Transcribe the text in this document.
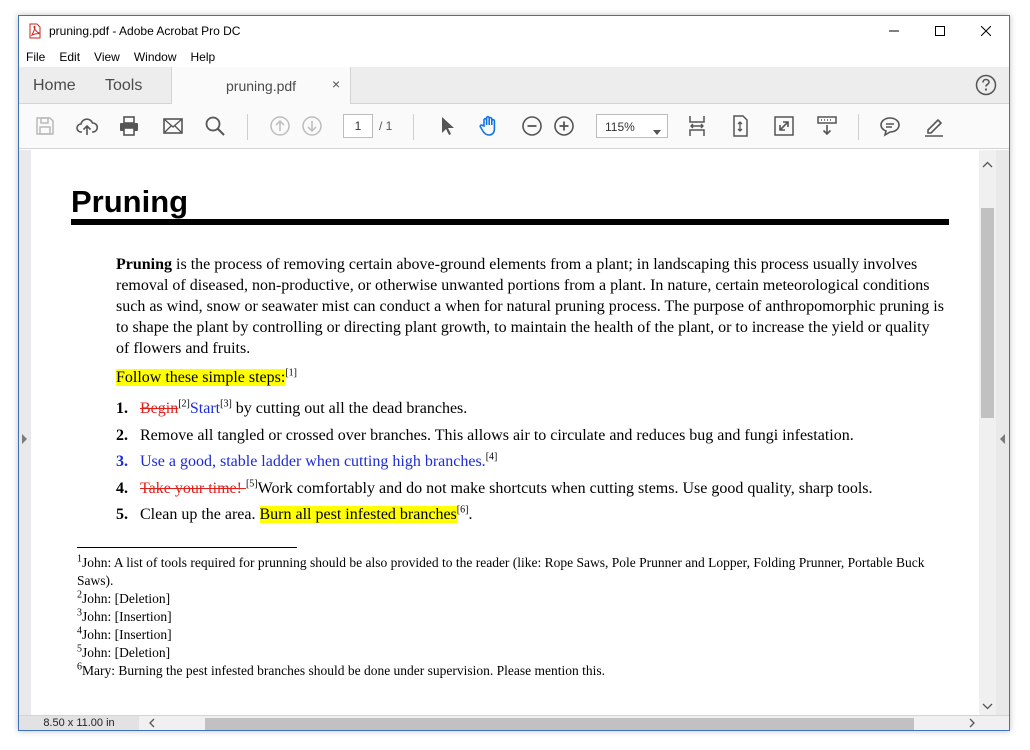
pruning.pdf - Adobe Acrobat Pro DC
File Edit View Window Help
Home Tools	pruning.pdf	×
1	/ 1	115%
Pruning

Pruning is the process of removing certain above-ground elements from a plant; in landscaping this process usually involves removal of diseased, non-productive, or otherwise unwanted portions from a plant. In nature, certain meteorological conditions such as wind, snow or seawater mist can conduct a when for natural pruning process. The purpose of anthropomorphic pruning is to shape the plant by controlling or directing plant growth, to maintain the health of the plant, or to increase the yield or quality of flowers and fruits.

Follow these simple steps:[1]

1. Begin[2]Start[3] by cutting out all the dead branches.
2. Remove all tangled or crossed over branches. This allows air to circulate and reduces bug and fungi infestation.
3. Use a good, stable ladder when cutting high branches.[4]
4. Take your time! [5]Work comfortably and do not make shortcuts when cutting stems. Use good quality, sharp tools.
5. Clean up the area. Burn all pest infested branches[6].
$^1$John: A list of tools required for prunning should be also provided to the reader (like: Rope Saws, Pole Prunner and Lopper, Folding Prunner, Portable Buck Saws).
$^2$John: [Deletion]
$^3$John: [Insertion]
$^4$John: [Insertion]
$^5$John: [Deletion]
$^6$Mary: Burning the pest infested branches should be done under supervision. Please mention this.
8.50 x 11.00 in
